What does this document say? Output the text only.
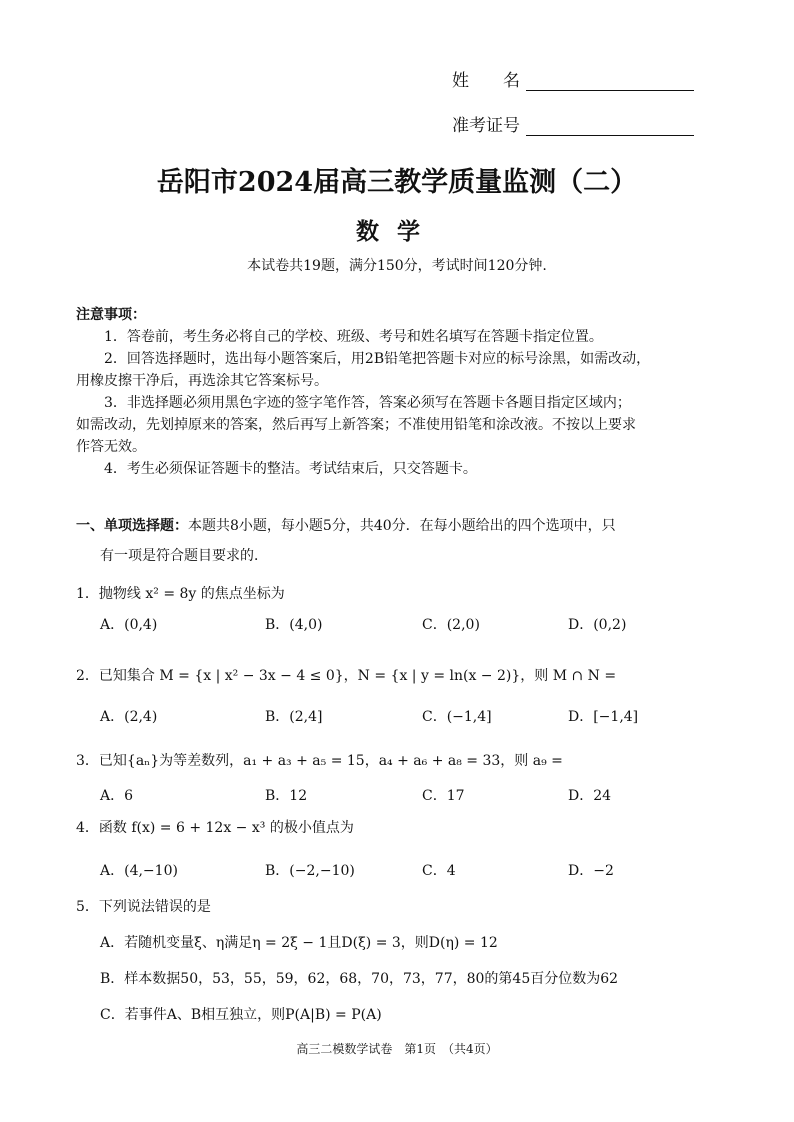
姓　　名
准考证号
岳阳市2024届高三教学质量监测（二）
数学
本试卷共19题，满分150分，考试时间120分钟.
注意事项：

1．答卷前，考生务必将自己的学校、班级、考号和姓名填写在答题卡指定位置。

2．回答选择题时，选出每小题答案后，用2B铅笔把答题卡对应的标号涂黑，如需改动，

用橡皮擦干净后，再选涂其它答案标号。

3．非选择题必须用黑色字迹的签字笔作答，答案必须写在答题卡各题目指定区域内；

如需改动，先划掉原来的答案，然后再写上新答案；不准使用铅笔和涂改液。不按以上要求

作答无效。

4．考生必须保证答题卡的整洁。考试结束后，只交答题卡。

一、单项选择题：本题共8小题，每小题5分，共40分．在每小题给出的四个选项中，只
有一项是符合题目要求的．
1．抛物线 x² = 8y 的焦点坐标为
A．(0,4)	B．(4,0)	C．(2,0)	D．(0,2)
2．已知集合 M = {x | x² − 3x − 4 ≤ 0}，N = {x | y = ln(x − 2)}，则 M ∩ N =
A．(2,4)	B．(2,4]	C．(−1,4]	D．[−1,4]
3．已知{aₙ}为等差数列，a₁ + a₃ + a₅ = 15，a₄ + a₆ + a₈ = 33，则 a₉ =
A．6	B．12	C．17	D．24
4．函数 f(x) = 6 + 12x − x³ 的极小值点为
A．(4,−10)	B．(−2,−10)	C．4	D．−2
5．下列说法错误的是
A．若随机变量ξ、η满足η = 2ξ − 1且D(ξ) = 3，则D(η) = 12
B．样本数据50，53，55，59，62，68，70，73，77，80的第45百分位数为62
C．若事件A、B相互独立，则P(A|B) = P(A)
高三二模数学试卷　第1页　（共4页）
